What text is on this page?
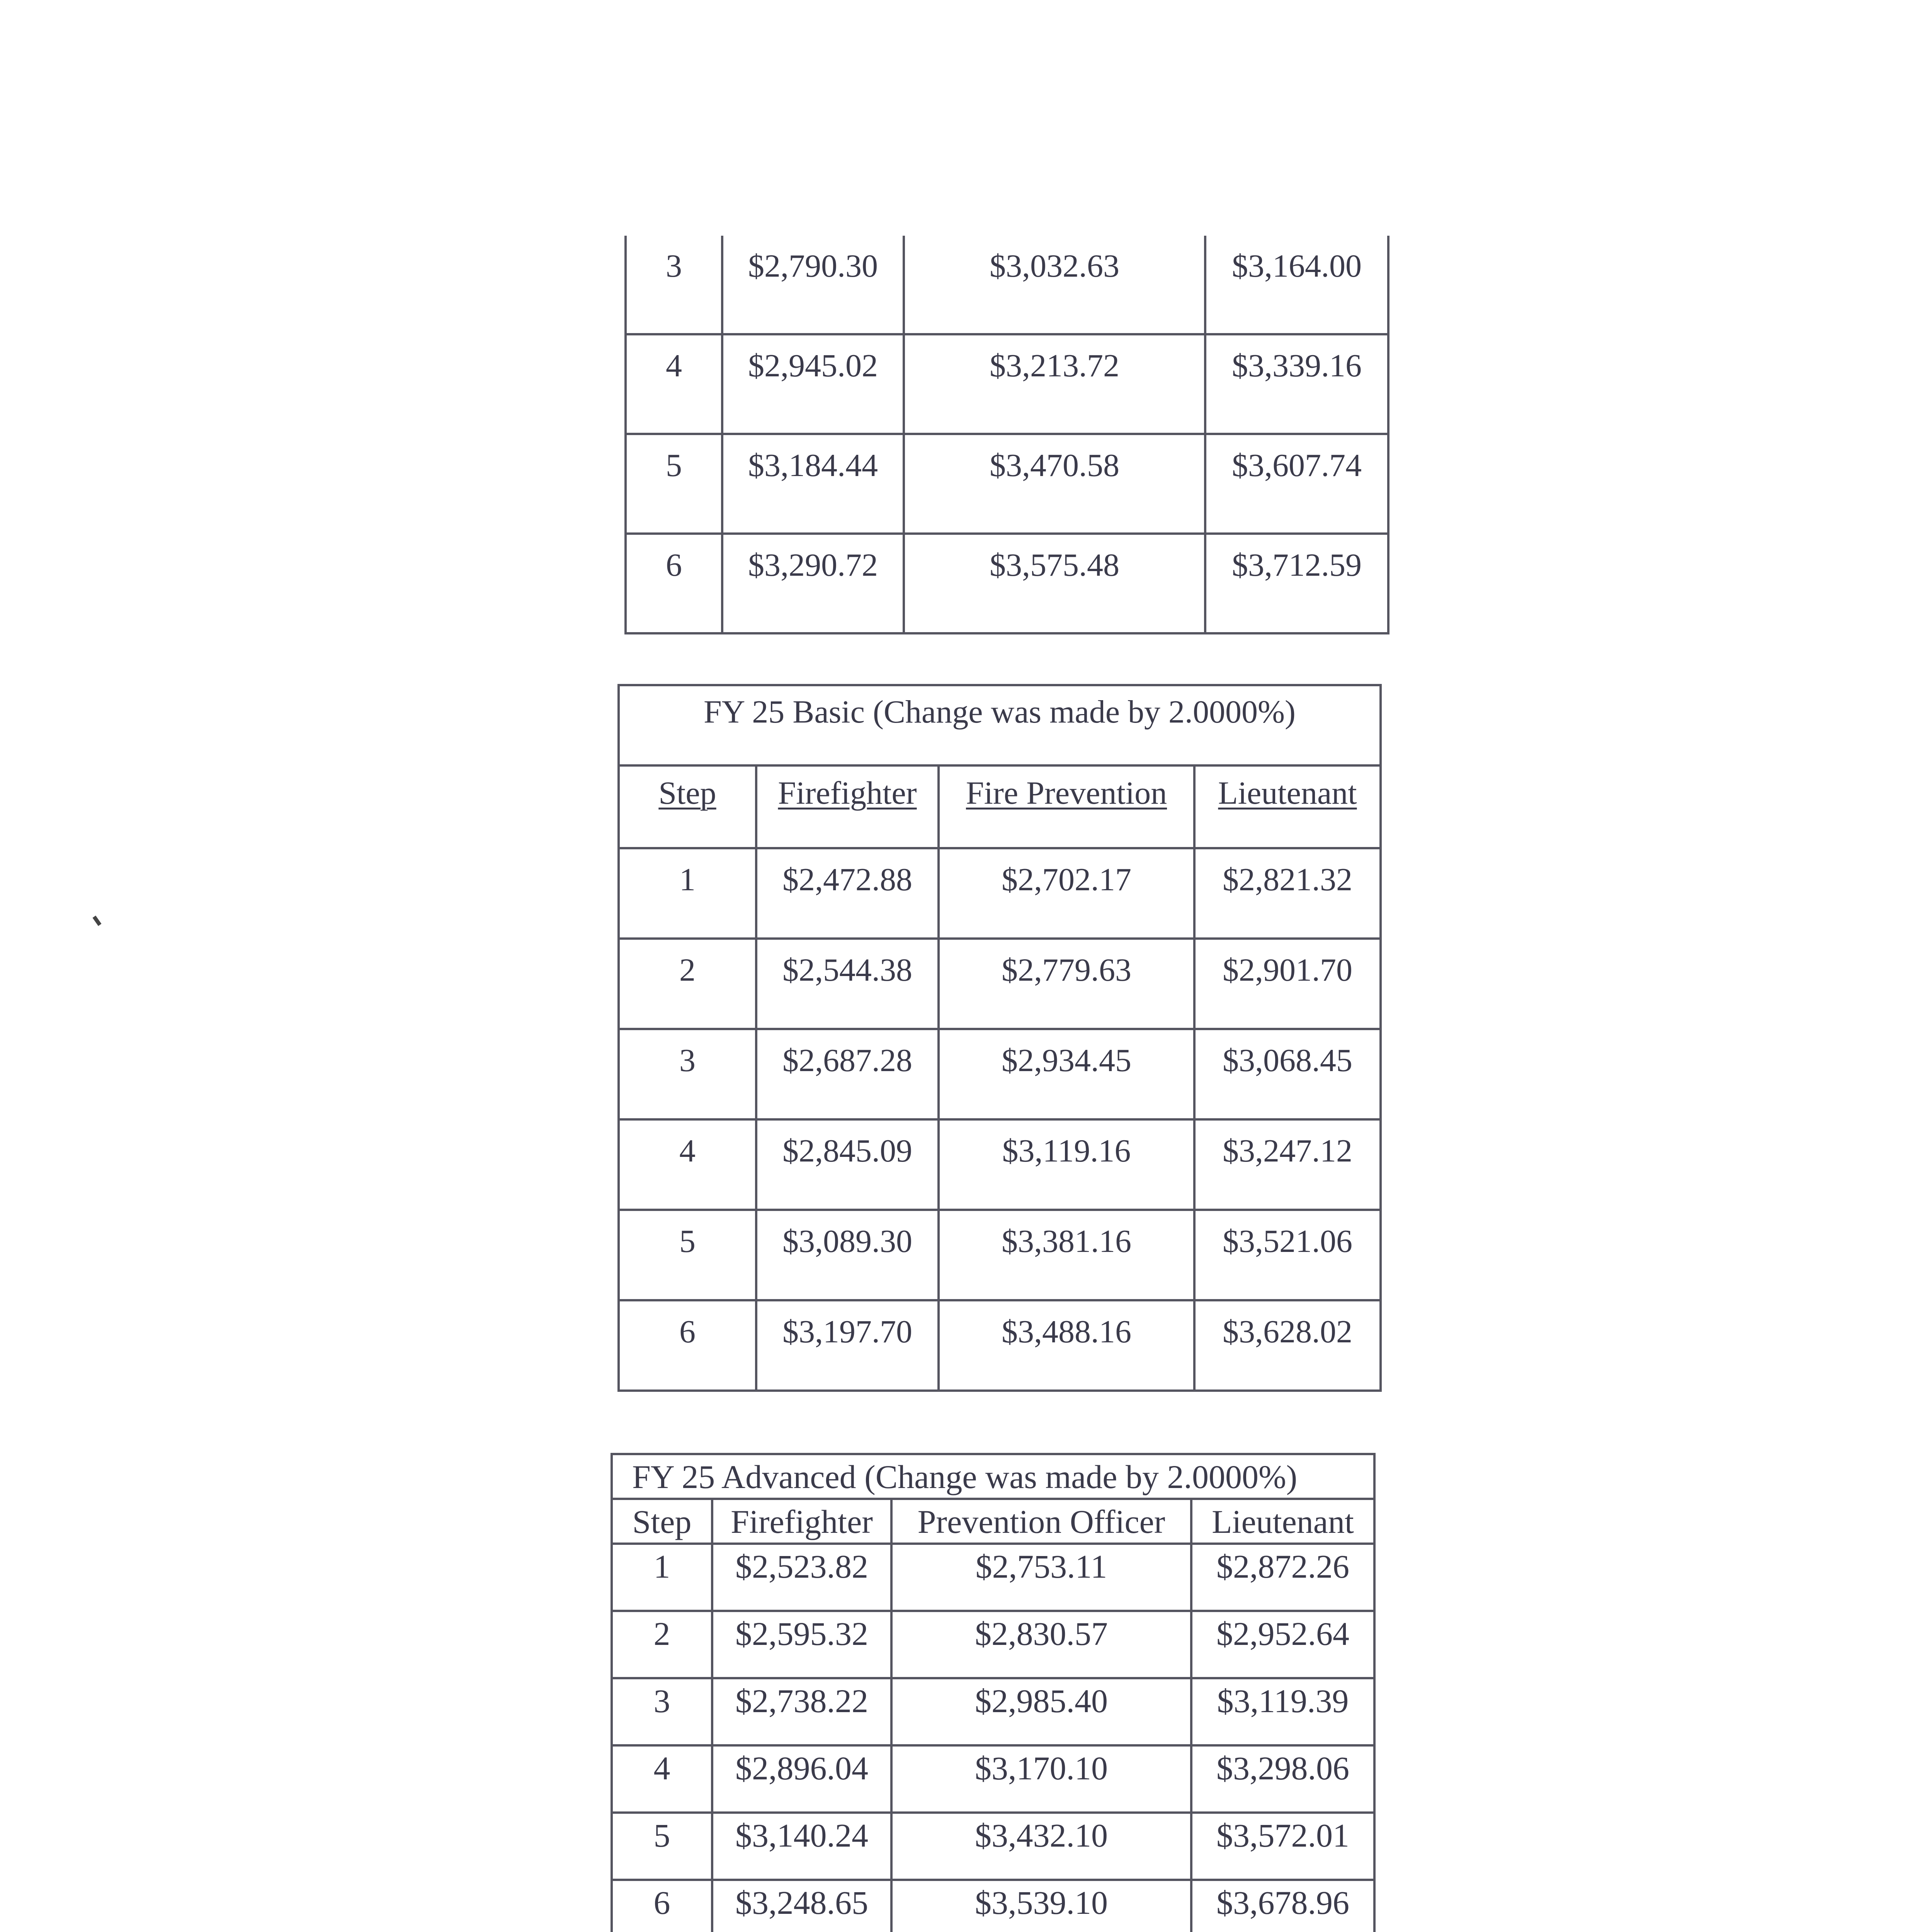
3	$2,790.30	$3,032.63	$3,164.00
4	$2,945.02	$3,213.72	$3,339.16
5	$3,184.44	$3,470.58	$3,607.74
6	$3,290.72	$3,575.48	$3,712.59
FY 25 Basic (Change was made by 2.0000%)			
Step	Firefighter	Fire Prevention	Lieutenant
1	$2,472.88	$2,702.17	$2,821.32
2	$2,544.38	$2,779.63	$2,901.70
3	$2,687.28	$2,934.45	$3,068.45
4	$2,845.09	$3,119.16	$3,247.12
5	$3,089.30	$3,381.16	$3,521.06
6	$3,197.70	$3,488.16	$3,628.02
FY 25 Advanced (Change was made by 2.0000%)			
Step	Firefighter	Prevention Officer	Lieutenant
1	$2,523.82	$2,753.11	$2,872.26
2	$2,595.32	$2,830.57	$2,952.64
3	$2,738.22	$2,985.40	$3,119.39
4	$2,896.04	$3,170.10	$3,298.06
5	$3,140.24	$3,432.10	$3,572.01
6	$3,248.65	$3,539.10	$3,678.96
